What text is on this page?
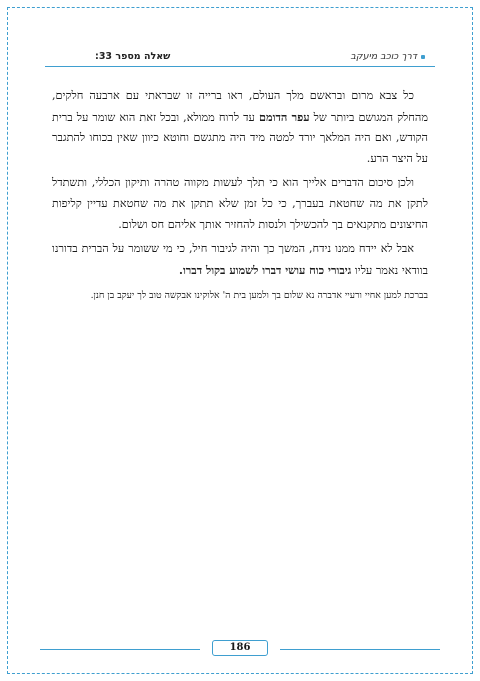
דרך כוכב מיעקב
שאלה מספר 33:

כל צבא מרום ובראשם מלך העולם, ראו ברייה זו שבראתי עם ארבעה חלקים, מהחלק המגושם ביותר של עפר הדומם עד לרוח ממולא, ובכל זאת הוא שומר על ברית הקודש, ואם היה המלאך יורד למטה מיד היה מתגשם וחוטא כיוון שאין בכוחו להתגבר על היצר הרע.

ולכן סיכום הדברים אלייך הוא כי תלך לעשות מקווה טהרה ותיקון הכללי, ותשתדל לתקן את מה שחטאת בעברך, כי כל זמן שלא תתקן את מה שחטאת עדיין קליפות החיצונים מתקנאים בך להכשילך ולנסות להחזיר אותך אליהם חס ושלום.

אבל לא יידח ממנו נידח, המשך כך והיה לגיבור חיל, כי מי ששומר על הברית בדורנו בוודאי נאמר עליו גיבורי כוח עושי דברו לשמוע בקול דברו.

בברכת למען אחיי ורעיי אדברה נא שלום בך ולמען בית ה' אלוקינו אבקשה טוב לך יעקב בן חנן.

186
